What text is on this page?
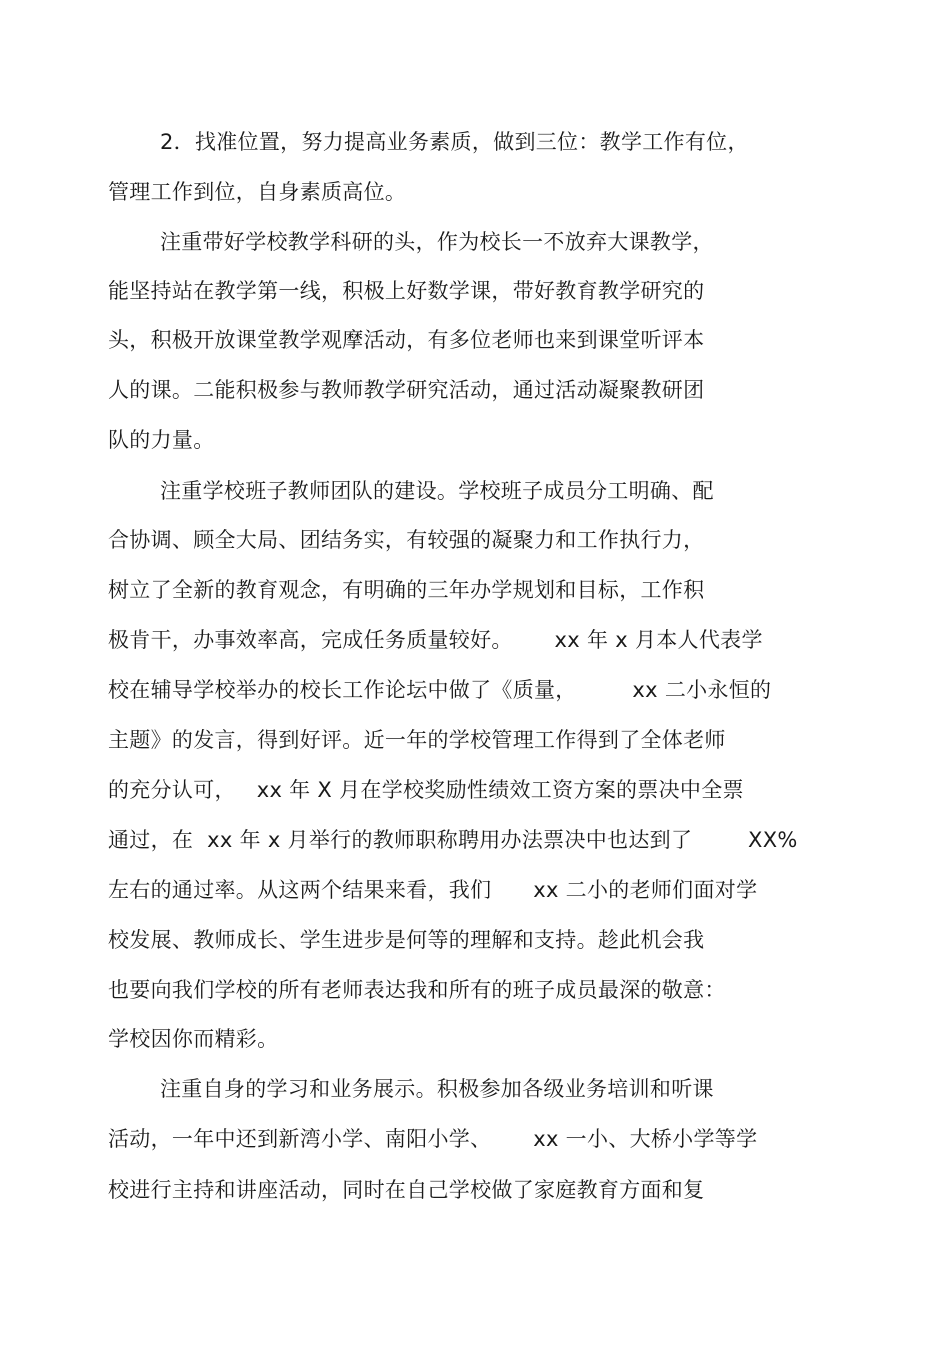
2．找准位置，努力提高业务素质，做到三位：教学工作有位，
管理工作到位，自身素质高位。
注重带好学校教学科研的头，作为校长一不放弃大课教学，
能坚持站在教学第一线，积极上好数学课，带好教育教学研究的
头，积极开放课堂教学观摩活动，有多位老师也来到课堂听评本
人的课。二能积极参与教师教学研究活动，通过活动凝聚教研团
队的力量。
注重学校班子教师团队的建设。学校班子成员分工明确、配
合协调、顾全大局、团结务实，有较强的凝聚力和工作执行力，
树立了全新的教育观念，有明确的三年办学规划和目标，工作积
极肯干，办事效率高，完成任务质量较好。      xx 年 x 月本人代表学
校在辅导学校举办的校长工作论坛中做了《质量，        xx 二小永恒的
主题》的发言，得到好评。近一年的学校管理工作得到了全体老师
的充分认可，   xx 年 X 月在学校奖励性绩效工资方案的票决中全票
通过，在  xx 年 x 月举行的教师职称聘用办法票决中也达到了        XX%
左右的通过率。从这两个结果来看，我们      xx 二小的老师们面对学
校发展、教师成长、学生进步是何等的理解和支持。趁此机会我
也要向我们学校的所有老师表达我和所有的班子成员最深的敬意：
学校因你而精彩。
注重自身的学习和业务展示。积极参加各级业务培训和听课
活动，一年中还到新湾小学、南阳小学、      xx 一小、大桥小学等学
校进行主持和讲座活动，同时在自己学校做了家庭教育方面和复
